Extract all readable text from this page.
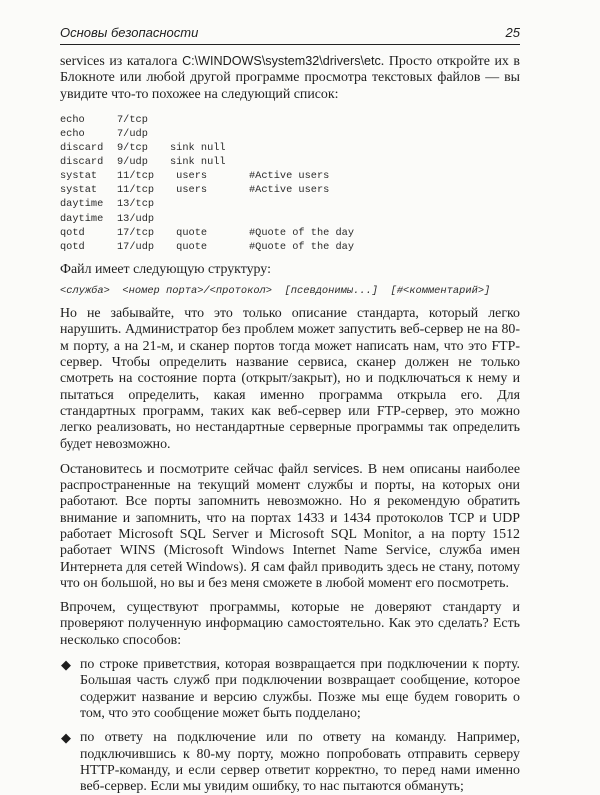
Основы безопасности	25

services из каталога C:\WINDOWS\system32\drivers\etc. Просто откройте их в Блокноте или любой другой программе просмотра текстовых файлов — вы увидите что-то похожее на следующий список:

echo	7/tcp		
echo	7/udp		
discard	9/tcp	sink null	
discard	9/udp	sink null	
systat	11/tcp	users	#Active users
systat	11/tcp	users	#Active users
daytime	13/tcp		
daytime	13/udp		
qotd	17/tcp	quote	#Quote of the day
qotd	17/udp	quote	#Quote of the day

Файл имеет следующую структуру:

<служба> <номер порта>/<протокол> [псевдонимы...] [#<комментарий>]

Но не забывайте, что это только описание стандарта, который легко нарушить. Администратор без проблем может запустить веб-сервер не на 80-м порту, а на 21-м, и сканер портов тогда может написать нам, что это FTP-сервер. Чтобы определить название сервиса, сканер должен не только смотреть на состояние порта (открыт/закрыт), но и подключаться к нему и пытаться определить, какая именно программа открыла его. Для стандартных программ, таких как веб-сервер или FTP-сервер, это можно легко реализовать, но нестандартные серверные программы так определить будет невозможно.

Остановитесь и посмотрите сейчас файл services. В нем описаны наиболее распространенные на текущий момент службы и порты, на которых они работают. Все порты запомнить невозможно. Но я рекомендую обратить внимание и запомнить, что на портах 1433 и 1434 протоколов TCP и UDP работает Microsoft SQL Server и Microsoft SQL Monitor, а на порту 1512 работает WINS (Microsoft Windows Internet Name Service, служба имен Интернета для сетей Windows). Я сам файл приводить здесь не стану, потому что он большой, но вы и без меня сможете в любой момент его посмотреть.

Впрочем, существуют программы, которые не доверяют стандарту и проверяют полученную информацию самостоятельно. Как это сделать? Есть несколько способов:

◆ по строке приветствия, которая возвращается при подключении к порту. Большая часть служб при подключении возвращает сообщение, которое содержит название и версию службы. Позже мы еще будем говорить о том, что это сообщение может быть подделано;

◆ по ответу на подключение или по ответу на команду. Например, подключившись к 80-му порту, можно попробовать отправить серверу HTTP-команду, и если сервер ответит корректно, то перед нами именно веб-сервер. Если мы увидим ошибку, то нас пытаются обмануть;
